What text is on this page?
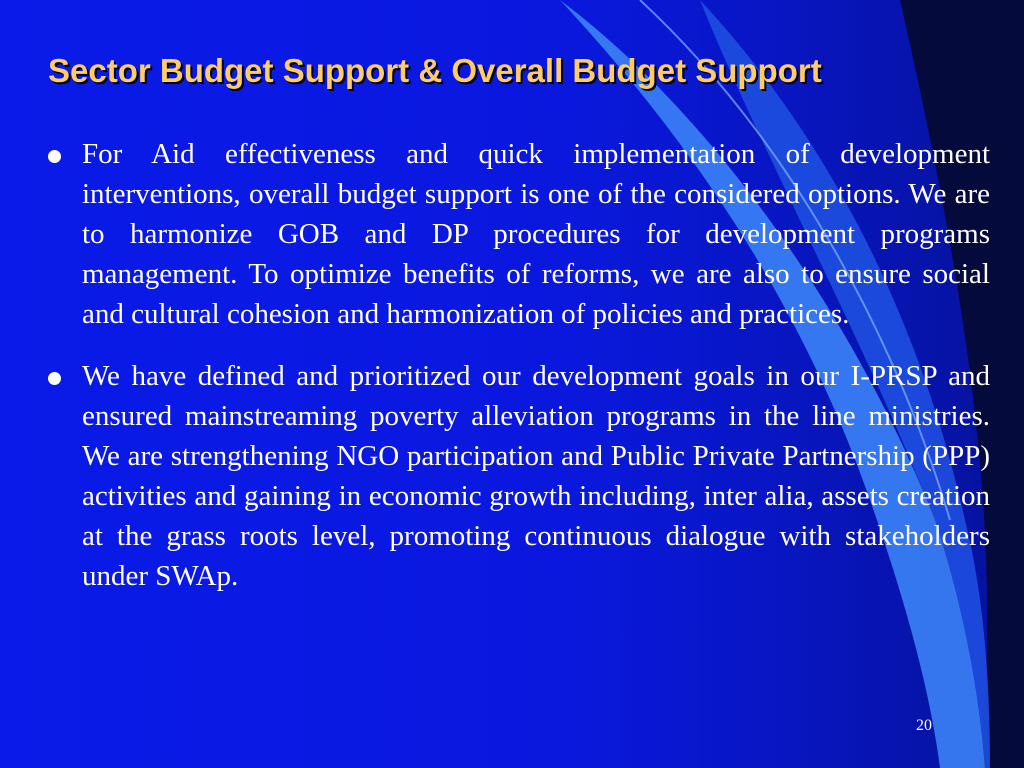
Sector Budget Support & Overall Budget Support
For Aid effectiveness and quick implementation of development interventions, overall budget support is one of the considered options. We are to harmonize GOB and DP procedures for development programs management. To optimize benefits of reforms, we are also to ensure social and cultural cohesion and harmonization of policies and practices.
We have defined and prioritized our development goals in our I-PRSP and ensured mainstreaming poverty alleviation programs in the line ministries. We are strengthening NGO participation and Public Private Partnership (PPP) activities and gaining in economic growth including, inter alia, assets creation at the grass roots level, promoting continuous dialogue with stakeholders under SWAp.
20
